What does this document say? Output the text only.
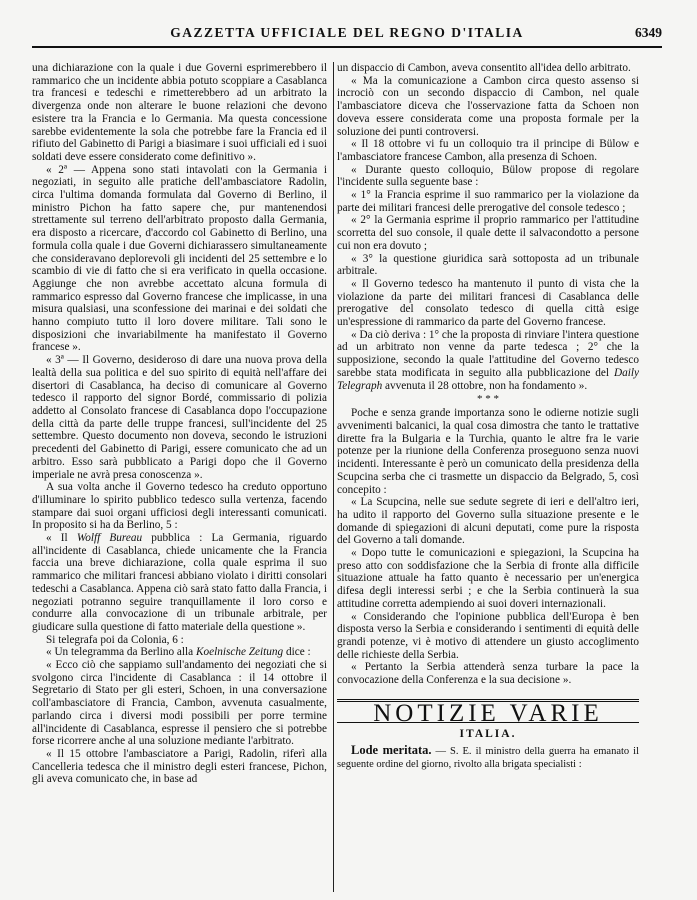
GAZZETTA UFFICIALE DEL REGNO D'ITALIA	6349

una dichiarazione con la quale i due Governi esprimerebbero il rammarico che un incidente abbia potuto scoppiare a Casablanca tra francesi e tedeschi e rimetterebbero ad un arbitrato la divergenza onde non alterare le buone relazioni che devono esistere tra la Francia e lo Germania. Ma questa concessione sarebbe evidentemente la sola che potrebbe fare la Francia ed il rifiuto del Gabinetto di Parigi a biasimare i suoi ufficiali ed i suoi soldati deve essere considerato come definitivo ».

« 2ª — Appena sono stati intavolati con la Germania i negoziati, in seguito alle pratiche dell'ambasciatore Radolin, circa l'ultima domanda formulata dal Governo di Berlino, il ministro Pichon ha fatto sapere che, pur mantenendosi strettamente sul terreno dell'arbitrato proposto dalla Germania, era disposto a ricercare, d'accordo col Gabinetto di Berlino, una formula colla quale i due Governi dichiarassero simultaneamente che consideravano deplorevoli gli incidenti del 25 settembre e lo scambio di vie di fatto che si era verificato in quella occasione. Aggiunge che non avrebbe accettato alcuna formula di rammarico espresso dal Governo francese che implicasse, in una misura qualsiasi, una sconfessione dei marinai e dei soldati che hanno compiuto tutto il loro dovere militare. Tali sono le disposizioni che invariabilmente ha manifestato il Governo francese ».

« 3ª — Il Governo, desideroso di dare una nuova prova della lealtà della sua politica e del suo spirito di equità nell'affare dei disertori di Casablanca, ha deciso di comunicare al Governo tedesco il rapporto del signor Bordé, commissario di polizia addetto al Consolato francese di Casablanca dopo l'occupazione della città da parte delle truppe francesi, sull'incidente del 25 settembre. Questo documento non doveva, secondo le istruzioni precedenti del Gabinetto di Parigi, essere comunicato che ad un arbitro. Esso sarà pubblicato a Parigi dopo che il Governo imperiale ne avrà presa conoscenza ».

A sua volta anche il Governo tedesco ha creduto opportuno d'illuminare lo spirito pubblico tedesco sulla vertenza, facendo stampare dai suoi organi ufficiosi degli interessanti comunicati. In proposito si ha da Berlino, 5 :

« Il Wolff Bureau pubblica : La Germania, riguardo all'incidente di Casablanca, chiede unicamente che la Francia faccia una breve dichiarazione, colla quale esprima il suo rammarico che militari francesi abbiano violato i diritti consolari tedeschi a Casablanca. Appena ciò sarà stato fatto dalla Francia, i negoziati potranno seguire tranquillamente il loro corso e condurre alla convocazione di un tribunale arbitrale, per giudicare sulla questione di fatto materiale della questione ».

Si telegrafa poi da Colonia, 6 :

« Un telegramma da Berlino alla Koelnische Zeitung dice :

« Ecco ciò che sappiamo sull'andamento dei negoziati che si svolgono circa l'incidente di Casablanca : il 14 ottobre il Segretario di Stato per gli esteri, Schoen, in una conversazione coll'ambasciatore di Francia, Cambon, avvenuta casualmente, parlando circa i diversi modi possibili per porre termine all'incidente di Casablanca, espresse il pensiero che si potrebbe forse ricorrere anche al una soluzione mediante l'arbitrato.

« Il 15 ottobre l'ambasciatore a Parigi, Radolin, riferì alla Cancelleria tedesca che il ministro degli esteri francese, Pichon, gli aveva comunicato che, in base ad

un dispaccio di Cambon, aveva consentito all'idea dello arbitrato.

« Ma la comunicazione a Cambon circa questo assenso si incrociò con un secondo dispaccio di Cambon, nel quale l'ambasciatore diceva che l'osservazione fatta da Schoen non doveva essere considerata come una proposta formale per la soluzione dei punti controversi.

« Il 18 ottobre vi fu un colloquio tra il principe di Bülow e l'ambasciatore francese Cambon, alla presenza di Schoen.

« Durante questo colloquio, Bülow propose di regolare l'incidente sulla seguente base :

« 1° la Francia esprime il suo rammarico per la violazione da parte dei militari francesi delle prerogative del console tedesco ;

« 2° la Germania esprime il proprio rammarico per l'attitudine scorretta del suo console, il quale dette il salvacondotto a persone cui non era dovuto ;

« 3° la questione giuridica sarà sottoposta ad un tribunale arbitrale.

« Il Governo tedesco ha mantenuto il punto di vista che la violazione da parte dei militari francesi di Casablanca delle prerogative del consolato tedesco di quella città esige un'espressione di rammarico da parte del Governo francese.

« Da ciò deriva : 1° che la proposta di rinviare l'intera questione ad un arbitrato non venne da parte tedesca ; 2° che la supposizione, secondo la quale l'attitudine del Governo tedesco sarebbe stata modificata in seguito alla pubblicazione del Daily Telegraph avvenuta il 28 ottobre, non ha fondamento ».

* * *

Poche e senza grande importanza sono le odierne notizie sugli avvenimenti balcanici, la qual cosa dimostra che tanto le trattative dirette fra la Bulgaria e la Turchia, quanto le altre fra le varie potenze per la riunione della Conferenza proseguono senza nuovi incidenti. Interessante è però un comunicato della presidenza della Scupcina serba che ci trasmette un dispaccio da Belgrado, 5, così concepito :

« La Scupcina, nelle sue sedute segrete di ieri e dell'altro ieri, ha udito il rapporto del Governo sulla situazione presente e le domande di spiegazioni di alcuni deputati, come pure la risposta del Governo a tali domande.

« Dopo tutte le comunicazioni e spiegazioni, la Scupcina ha preso atto con soddisfazione che la Serbia di fronte alla difficile situazione attuale ha fatto quanto è necessario per un'energica difesa degli interessi serbi ; e che la Serbia continuerà la sua attitudine corretta adempiendo ai suoi doveri internazionali.

« Considerando che l'opinione pubblica dell'Europa è ben disposta verso la Serbia e considerando i sentimenti di equità delle grandi potenze, vi è motivo di attendere un giusto accoglimento delle richieste della Serbia.

« Pertanto la Serbia attenderà senza turbare la pace la convocazione della Conferenza e la sua decisione ».

NOTIZIE VARIE
ITALIA.

Lode meritata. — S. E. il ministro della guerra ha emanato il seguente ordine del giorno, rivolto alla brigata specialisti :
